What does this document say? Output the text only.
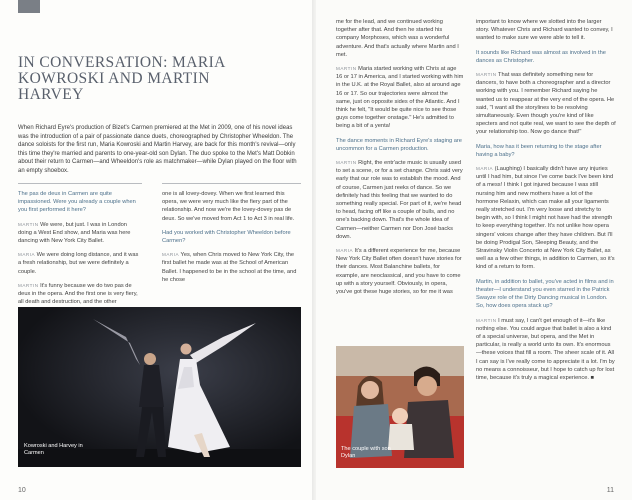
IN CONVERSATION: MARIA KOWROSKI AND MARTIN HARVEY
When Richard Eyre's production of Bizet's Carmen premiered at the Met in 2009, one of his novel ideas was the introduction of a pair of passionate dance duets, choreographed by Christopher Wheeldon. The dance soloists for the first run, Maria Kowroski and Martin Harvey, are back for this month's revival—only this time they're married and parents to one-year-old son Dylan. The duo spoke to the Met's Matt Dobkin about their return to Carmen—and Wheeldon's role as matchmaker—while Dylan played on the floor with an empty shoebox.

The pas de deux in Carmen are quite impassioned. Were you already a couple when you first performed it here?

MARTIN We were, but just. I was in London doing a West End show, and Maria was here dancing with New York City Ballet.

MARIA We were doing long distance, and it was a fresh relationship, but we were definitely a couple.

MARTIN It's funny because we do two pas de deux in the opera. And the first one is very fiery, all death and destruction, and the other

one is all lovey-dovey. When we first learned this opera, we were very much like the fiery part of the relationship. And now we're the lovey-dovey pas de deux. So we've moved from Act 1 to Act 3 in real life.

Had you worked with Christopher Wheeldon before Carmen?

MARIA Yes, when Chris moved to New York City, the first ballet he made was at the School of American Ballet. I happened to be in the school at the time, and he chose

Kowroski and Harvey in Carmen
10

me for the lead, and we continued working together after that. And then he started his company Morphoses, which was a wonderful adventure. And that's actually where Martin and I met.

MARTIN Maria started working with Chris at age 16 or 17 in America, and I started working with him in the U.K. at the Royal Ballet, also at around age 16 or 17. So our trajectories were almost the same, just on opposite sides of the Atlantic. And I think he felt, "It would be quite nice to see those guys come together onstage." He's admitted to being a bit of a yenta!

The dance moments in Richard Eyre's staging are uncommon for a Carmen production.

MARTIN Right, the entr'acte music is usually used to set a scene, or for a set change. Chris said very early that our role was to establish the mood. And of course, Carmen just reeks of dance. So we definitely had this feeling that we wanted to do something really special. For part of it, we're head to head, facing off like a couple of bulls, and no one's backing down. That's the whole idea of Carmen—neither Carmen nor Don José backs down.

MARIA It's a different experience for me, because New York City Ballet often doesn't have stories for their dances. Most Balanchine ballets, for example, are neoclassical, and you have to come up with a story yourself. Obviously, in opera, you've got these huge stories, so for me it was

important to know where we slotted into the larger story. Whatever Chris and Richard wanted to convey, I wanted to make sure we were able to tell it.

It sounds like Richard was almost as involved in the dances as Christopher.

MARTIN That was definitely something new for dancers, to have both a choreographer and a director working with you. I remember Richard saying he wanted us to reappear at the very end of the opera. He said, "I want all the storylines to be resolving simultaneously. Even though you're kind of like specters and not quite real, we want to see the depth of your relationship too. Now go dance that!"

Maria, how has it been returning to the stage after having a baby?

MARIA (Laughing) I basically didn't have any injuries until I had him, but since I've come back I've been kind of a mess! I think I got injured because I was still nursing him and new mothers have a lot of the hormone Relaxin, which can make all your ligaments really stretched out. I'm very loose and stretchy to begin with, so I think I might not have had the strength to keep everything together. It's not unlike how opera singers' voices change after they have children. But I'll be doing Prodigal Son, Sleeping Beauty, and the Stravinsky Violin Concerto at New York City Ballet, as well as a few other things, in addition to Carmen, so it's kind of a return to form.

Martin, in addition to ballet, you've acted in films and in theater—I understand you even starred in the Patrick Swayze role of the Dirty Dancing musical in London. So, how does opera stack up?

MARTIN I must say, I can't get enough of it—it's like nothing else. You could argue that ballet is also a kind of a special universe, but opera, and the Met in particular, is really a world unto its own. It's enormous—these voices that fill a room. The sheer scale of it. All I can say is I've really come to appreciate it a lot. I'm by no means a connoisseur, but I hope to catch up for lost time, because it's truly a magical experience. ■

The couple with son Dylan
11
